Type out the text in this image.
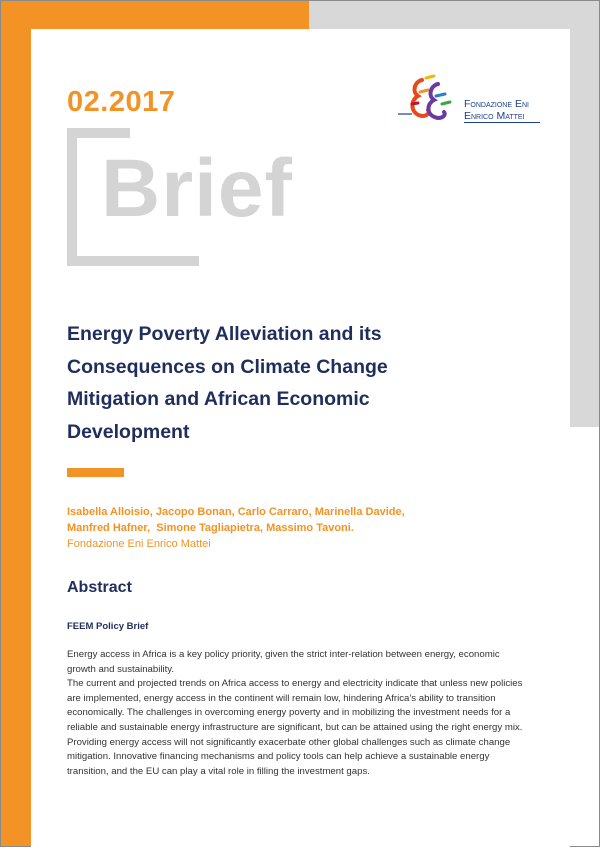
02.2017
Brief
Fondazione Eni
Enrico Mattei
Energy Poverty Alleviation and its
Consequences on Climate Change
Mitigation and African Economic
Development
Isabella Alloisio, Jacopo Bonan, Carlo Carraro, Marinella Davide,
Manfred Hafner,  Simone Tagliapietra, Massimo Tavoni.
Fondazione Eni Enrico Mattei
Abstract
FEEM Policy Brief

Energy access in Africa is a key policy priority, given the strict inter-relation between energy, economic growth and sustainability.

The current and projected trends on Africa access to energy and electricity indicate that unless new policies are implemented, energy access in the continent will remain low, hindering Africa’s ability to transition economically. The challenges in overcoming energy poverty and in mobilizing the investment needs for a reliable and sustainable energy infrastructure are significant, but can be attained using the right energy mix. Providing energy access will not significantly exacerbate other global challenges such as climate change mitigation. Innovative financing mechanisms and policy tools can help achieve a sustainable energy transition, and the EU can play a vital role in filling the investment gaps.
